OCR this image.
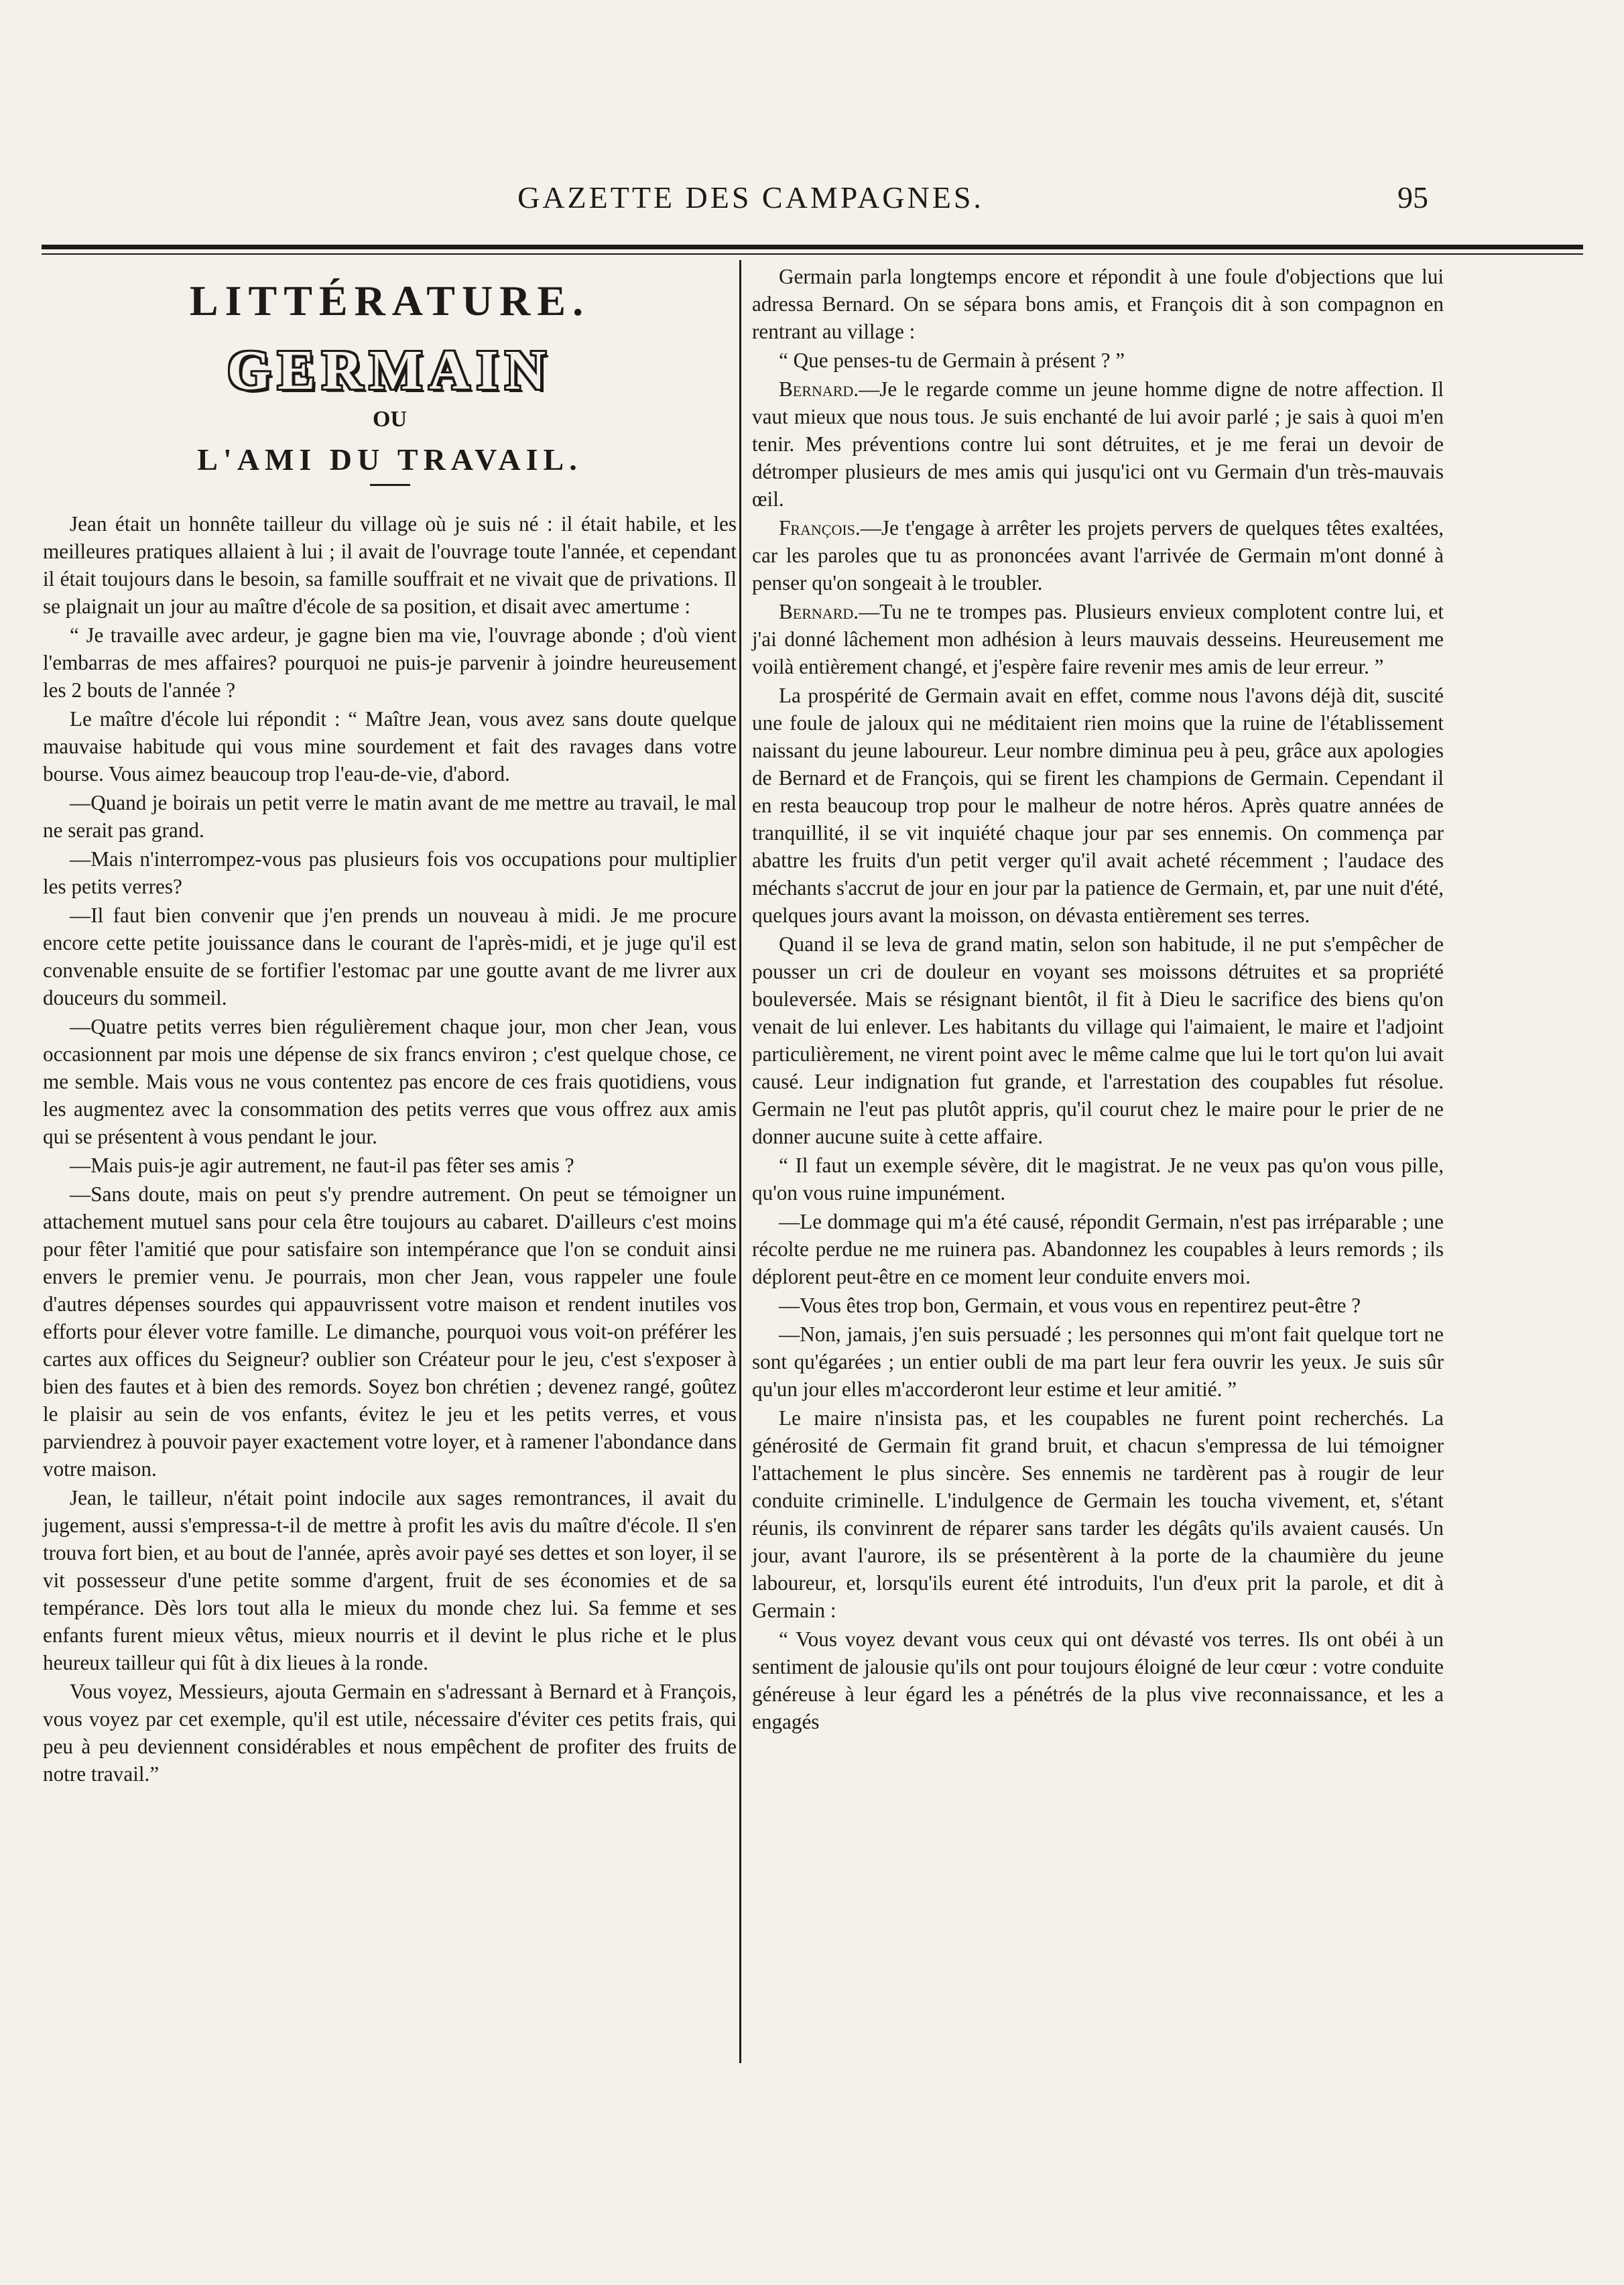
GAZETTE DES CAMPAGNES.	95
LITTÉRATURE.
GERMAIN
OU
L'AMI DU TRAVAIL.

Jean était un honnête tailleur du village où je suis né : il était habile, et les meilleures pratiques allaient à lui ; il avait de l'ouvrage toute l'année, et cependant il était toujours dans le besoin, sa famille souffrait et ne vivait que de privations. Il se plaignait un jour au maître d'école de sa position, et disait avec amertume :

“ Je travaille avec ardeur, je gagne bien ma vie, l'ouvrage abonde ; d'où vient l'embarras de mes affaires? pourquoi ne puis-je parvenir à joindre heureusement les 2 bouts de l'année ?

Le maître d'école lui répondit : “ Maître Jean, vous avez sans doute quelque mauvaise habitude qui vous mine sourdement et fait des ravages dans votre bourse. Vous aimez beaucoup trop l'eau-de-vie, d'abord.

—Quand je boirais un petit verre le matin avant de me mettre au travail, le mal ne serait pas grand.

—Mais n'interrompez-vous pas plusieurs fois vos occupations pour multiplier les petits verres?

—Il faut bien convenir que j'en prends un nouveau à midi. Je me procure encore cette petite jouissance dans le courant de l'après-midi, et je juge qu'il est convenable ensuite de se fortifier l'estomac par une goutte avant de me livrer aux douceurs du sommeil.

—Quatre petits verres bien régulièrement chaque jour, mon cher Jean, vous occasionnent par mois une dépense de six francs environ ; c'est quelque chose, ce me semble. Mais vous ne vous contentez pas encore de ces frais quotidiens, vous les augmentez avec la consommation des petits verres que vous offrez aux amis qui se présentent à vous pendant le jour.

—Mais puis-je agir autrement, ne faut-il pas fêter ses amis ?

—Sans doute, mais on peut s'y prendre autrement. On peut se témoigner un attachement mutuel sans pour cela être toujours au cabaret. D'ailleurs c'est moins pour fêter l'amitié que pour satisfaire son intempérance que l'on se conduit ainsi envers le premier venu. Je pourrais, mon cher Jean, vous rappeler une foule d'autres dépenses sourdes qui appauvrissent votre maison et rendent inutiles vos efforts pour élever votre famille. Le dimanche, pourquoi vous voit-on préférer les cartes aux offices du Seigneur? oublier son Créateur pour le jeu, c'est s'exposer à bien des fautes et à bien des remords. Soyez bon chrétien ; devenez rangé, goûtez le plaisir au sein de vos enfants, évitez le jeu et les petits verres, et vous parviendrez à pouvoir payer exactement votre loyer, et à ramener l'abondance dans votre maison.

Jean, le tailleur, n'était point indocile aux sages remontrances, il avait du jugement, aussi s'empressa-t-il de mettre à profit les avis du maître d'école. Il s'en trouva fort bien, et au bout de l'année, après avoir payé ses dettes et son loyer, il se vit possesseur d'une petite somme d'argent, fruit de ses économies et de sa tempérance. Dès lors tout alla le mieux du monde chez lui. Sa femme et ses enfants furent mieux vêtus, mieux nourris et il devint le plus riche et le plus heureux tailleur qui fût à dix lieues à la ronde.

Vous voyez, Messieurs, ajouta Germain en s'adressant à Bernard et à François, vous voyez par cet exemple, qu'il est utile, nécessaire d'éviter ces petits frais, qui peu à peu deviennent considérables et nous empêchent de profiter des fruits de notre travail.”

Germain parla longtemps encore et répondit à une foule d'objections que lui adressa Bernard. On se sépara bons amis, et François dit à son compagnon en rentrant au village :

“ Que penses-tu de Germain à présent ? ”

Bernard.—Je le regarde comme un jeune homme digne de notre affection. Il vaut mieux que nous tous. Je suis enchanté de lui avoir parlé ; je sais à quoi m'en tenir. Mes préventions contre lui sont détruites, et je me ferai un devoir de détromper plusieurs de mes amis qui jusqu'ici ont vu Germain d'un très-mauvais œil.

François.—Je t'engage à arrêter les projets pervers de quelques têtes exaltées, car les paroles que tu as prononcées avant l'arrivée de Germain m'ont donné à penser qu'on songeait à le troubler.

Bernard.—Tu ne te trompes pas. Plusieurs envieux complotent contre lui, et j'ai donné lâchement mon adhésion à leurs mauvais desseins. Heureusement me voilà entièrement changé, et j'espère faire revenir mes amis de leur erreur. ”

La prospérité de Germain avait en effet, comme nous l'avons déjà dit, suscité une foule de jaloux qui ne méditaient rien moins que la ruine de l'établissement naissant du jeune laboureur. Leur nombre diminua peu à peu, grâce aux apologies de Bernard et de François, qui se firent les champions de Germain. Cependant il en resta beaucoup trop pour le malheur de notre héros. Après quatre années de tranquillité, il se vit inquiété chaque jour par ses ennemis. On commença par abattre les fruits d'un petit verger qu'il avait acheté récemment ; l'audace des méchants s'accrut de jour en jour par la patience de Germain, et, par une nuit d'été, quelques jours avant la moisson, on dévasta entièrement ses terres.

Quand il se leva de grand matin, selon son habitude, il ne put s'empêcher de pousser un cri de douleur en voyant ses moissons détruites et sa propriété bouleversée. Mais se résignant bientôt, il fit à Dieu le sacrifice des biens qu'on venait de lui enlever. Les habitants du village qui l'aimaient, le maire et l'adjoint particulièrement, ne virent point avec le même calme que lui le tort qu'on lui avait causé. Leur indignation fut grande, et l'arrestation des coupables fut résolue. Germain ne l'eut pas plutôt appris, qu'il courut chez le maire pour le prier de ne donner aucune suite à cette affaire.

“ Il faut un exemple sévère, dit le magistrat. Je ne veux pas qu'on vous pille, qu'on vous ruine impunément.

—Le dommage qui m'a été causé, répondit Germain, n'est pas irréparable ; une récolte perdue ne me ruinera pas. Abandonnez les coupables à leurs remords ; ils déplorent peut-être en ce moment leur conduite envers moi.

—Vous êtes trop bon, Germain, et vous vous en repentirez peut-être ?

—Non, jamais, j'en suis persuadé ; les personnes qui m'ont fait quelque tort ne sont qu'égarées ; un entier oubli de ma part leur fera ouvrir les yeux. Je suis sûr qu'un jour elles m'accorderont leur estime et leur amitié. ”

Le maire n'insista pas, et les coupables ne furent point recherchés. La générosité de Germain fit grand bruit, et chacun s'empressa de lui témoigner l'attachement le plus sincère. Ses ennemis ne tardèrent pas à rougir de leur conduite criminelle. L'indulgence de Germain les toucha vivement, et, s'étant réunis, ils convinrent de réparer sans tarder les dégâts qu'ils avaient causés. Un jour, avant l'aurore, ils se présentèrent à la porte de la chaumière du jeune laboureur, et, lorsqu'ils eurent été introduits, l'un d'eux prit la parole, et dit à Germain :

“ Vous voyez devant vous ceux qui ont dévasté vos terres. Ils ont obéi à un sentiment de jalousie qu'ils ont pour toujours éloigné de leur cœur : votre conduite généreuse à leur égard les a pénétrés de la plus vive reconnaissance, et les a engagés
